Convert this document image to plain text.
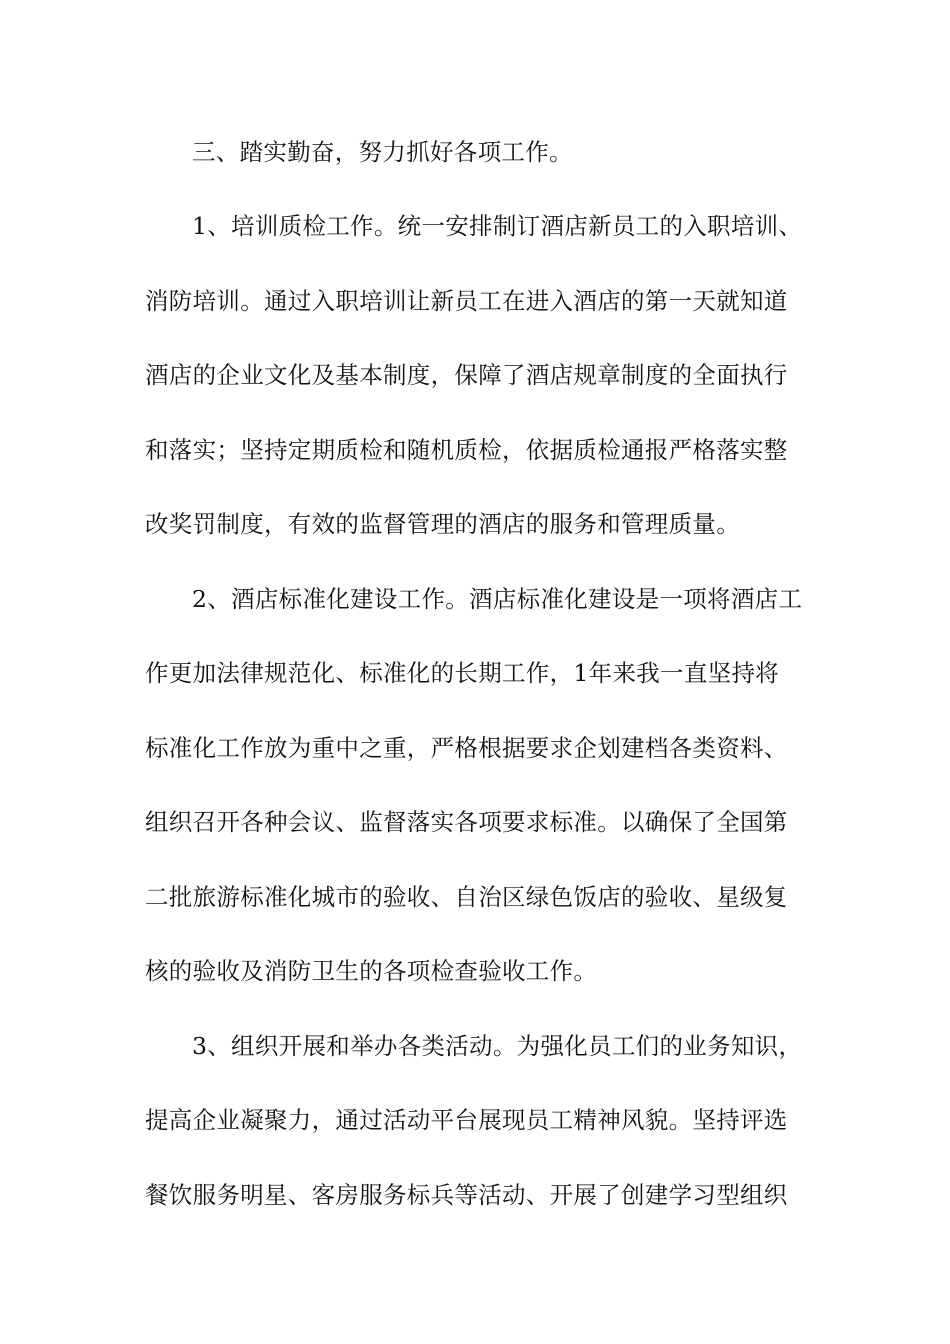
三、踏实勤奋，努力抓好各项工作。
1、培训质检工作。统一安排制订酒店新员工的入职培训、
消防培训。通过入职培训让新员工在进入酒店的第一天就知道
酒店的企业文化及基本制度，保障了酒店规章制度的全面执行
和落实；坚持定期质检和随机质检，依据质检通报严格落实整
改奖罚制度，有效的监督管理的酒店的服务和管理质量。
2、酒店标准化建设工作。酒店标准化建设是一项将酒店工
作更加法律规范化、标准化的长期工作，1年来我一直坚持将
标准化工作放为重中之重，严格根据要求企划建档各类资料、
组织召开各种会议、监督落实各项要求标准。以确保了全国第
二批旅游标准化城市的验收、自治区绿色饭店的验收、星级复
核的验收及消防卫生的各项检查验收工作。
3、组织开展和举办各类活动。为强化员工们的业务知识，
提高企业凝聚力，通过活动平台展现员工精神风貌。坚持评选
餐饮服务明星、客房服务标兵等活动、开展了创建学习型组织
